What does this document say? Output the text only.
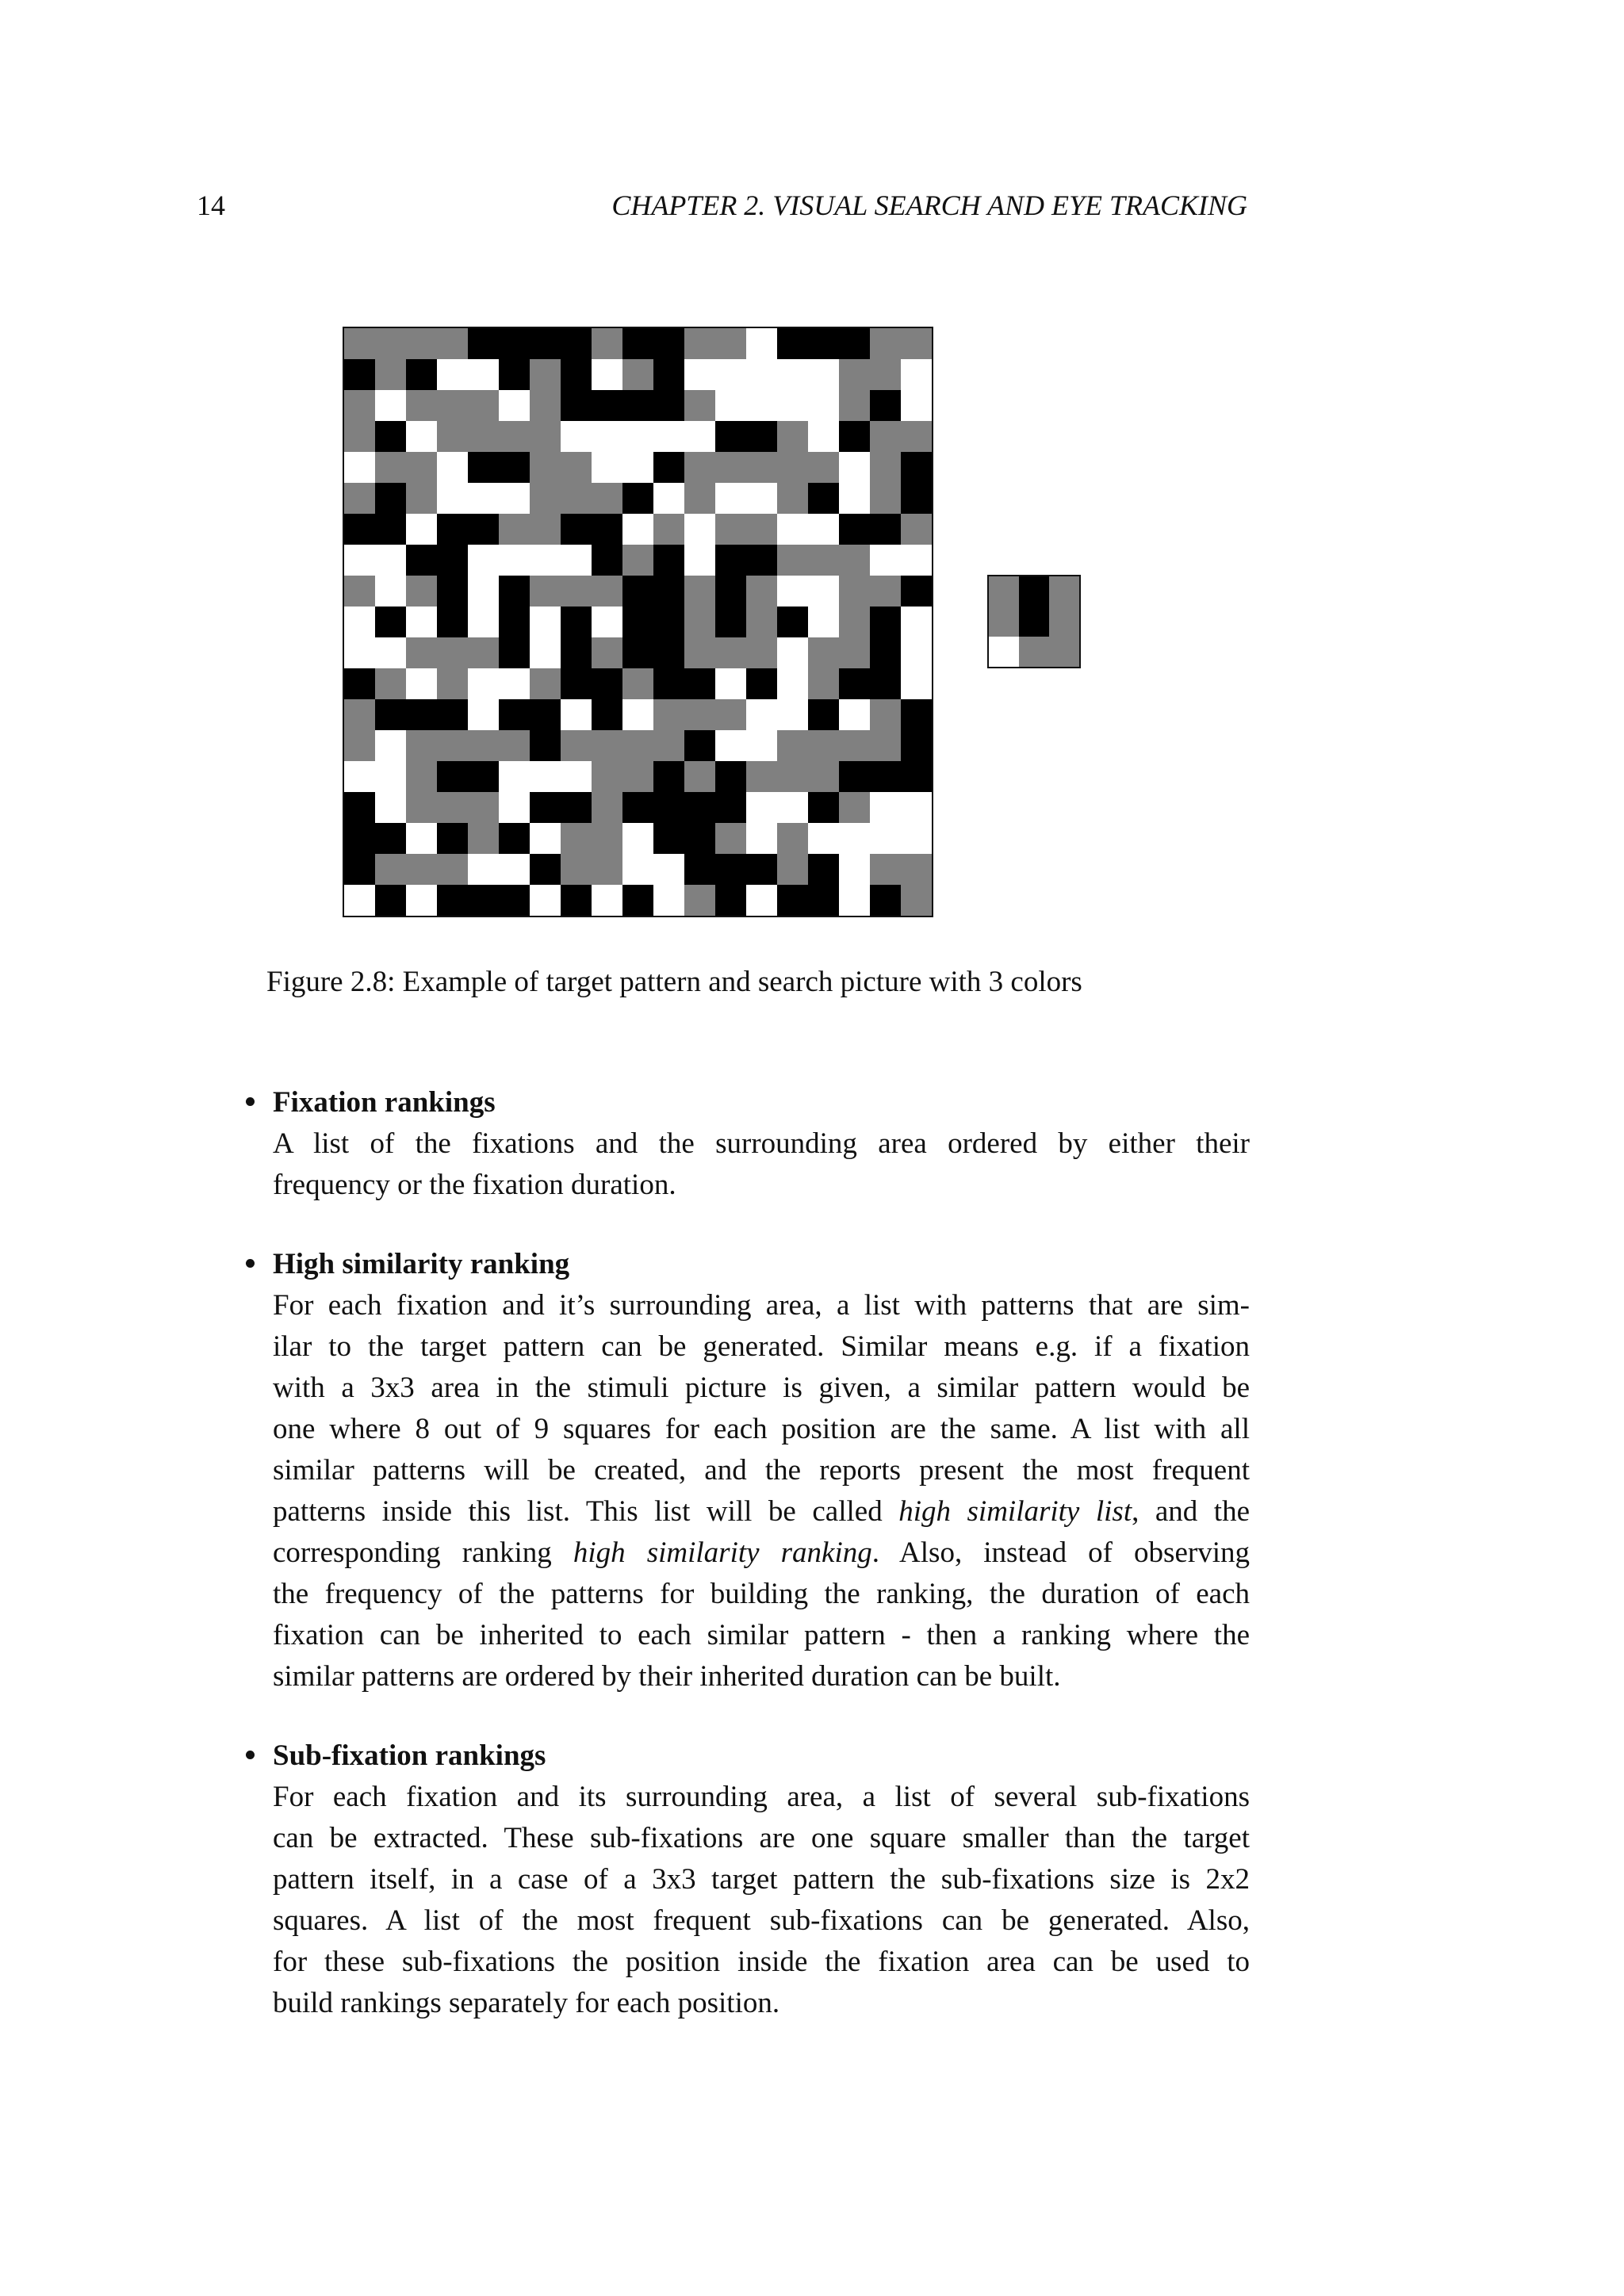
14	CHAPTER 2. VISUAL SEARCH AND EYE TRACKING
Figure 2.8: Example of target pattern and search picture with 3 colors
Fixation rankings
A list of the fixations and the surrounding area ordered by either their
frequency or the fixation duration.
High similarity ranking
For each fixation and it’s surrounding area, a list with patterns that are sim-
ilar to the target pattern can be generated. Similar means e.g. if a fixation
with a 3x3 area in the stimuli picture is given, a similar pattern would be
one where 8 out of 9 squares for each position are the same. A list with all
similar patterns will be created, and the reports present the most frequent
patterns inside this list. This list will be called high similarity list, and the
corresponding ranking high similarity ranking. Also, instead of observing
the frequency of the patterns for building the ranking, the duration of each
fixation can be inherited to each similar pattern - then a ranking where the
similar patterns are ordered by their inherited duration can be built.
Sub-fixation rankings
For each fixation and its surrounding area, a list of several sub-fixations
can be extracted. These sub-fixations are one square smaller than the target
pattern itself, in a case of a 3x3 target pattern the sub-fixations size is 2x2
squares. A list of the most frequent sub-fixations can be generated. Also,
for these sub-fixations the position inside the fixation area can be used to
build rankings separately for each position.
